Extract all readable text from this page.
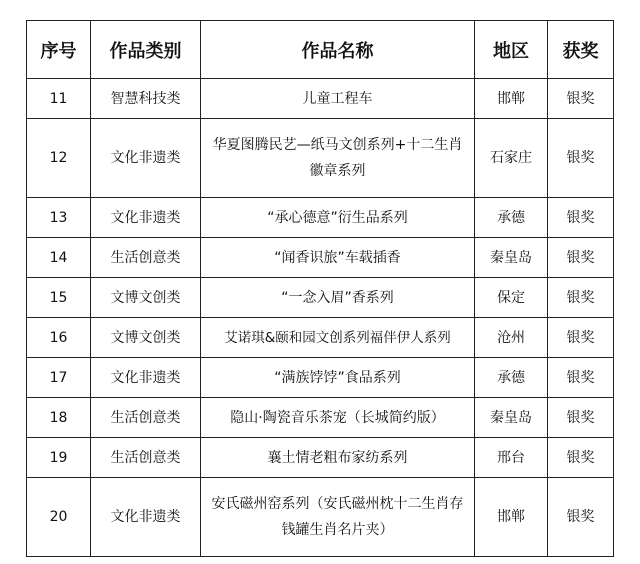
序号	作品类别	作品名称	地区	获奖
11	智慧科技类	儿童工程车	邯郸	银奖
12	文化非遗类	华夏图腾民艺—纸马文创系列+十二生肖徽章系列	石家庄	银奖
13	文化非遗类	“承心德意”衍生品系列	承德	银奖
14	生活创意类	“闻香识旅”车载插香	秦皇岛	银奖
15	文博文创类	“一念入眉”香系列	保定	银奖
16	文博文创类	艾诺琪&颐和园文创系列福伴伊人系列	沧州	银奖
17	文化非遗类	“满族饽饽”食品系列	承德	银奖
18	生活创意类	隐山·陶瓷音乐茶宠（长城简约版）	秦皇岛	银奖
19	生活创意类	襄土情老粗布家纺系列	邢台	银奖
20	文化非遗类	安氏磁州窑系列（安氏磁州枕十二生肖存钱罐生肖名片夹）	邯郸	银奖
